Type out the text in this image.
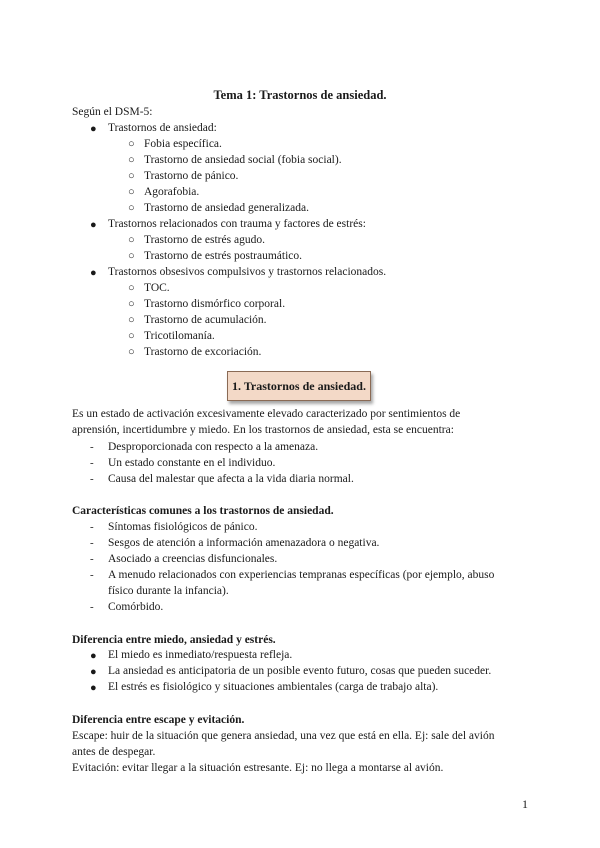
Tema 1: Trastornos de ansiedad.
Según el DSM-5:
● Trastornos de ansiedad:
○ Fobia específica.
○ Trastorno de ansiedad social (fobia social).
○ Trastorno de pánico.
○ Agorafobia.
○ Trastorno de ansiedad generalizada.
● Trastornos relacionados con trauma y factores de estrés:
○ Trastorno de estrés agudo.
○ Trastorno de estrés postraumático.
● Trastornos obsesivos compulsivos y trastornos relacionados.
○ TOC.
○ Trastorno dismórfico corporal.
○ Trastorno de acumulación.
○ Tricotilomanía.
○ Trastorno de excoriación.
1. Trastornos de ansiedad.
Es un estado de activación excesivamente elevado caracterizado por sentimientos de
aprensión, incertidumbre y miedo. En los trastornos de ansiedad, esta se encuentra:
- Desproporcionada con respecto a la amenaza.
- Un estado constante en el individuo.
- Causa del malestar que afecta a la vida diaria normal.
Características comunes a los trastornos de ansiedad.
- Síntomas fisiológicos de pánico.
- Sesgos de atención a información amenazadora o negativa.
- Asociado a creencias disfuncionales.
- A menudo relacionados con experiencias tempranas específicas (por ejemplo, abuso
físico durante la infancia).
- Comórbido.
Diferencia entre miedo, ansiedad y estrés.
● El miedo es inmediato/respuesta refleja.
● La ansiedad es anticipatoria de un posible evento futuro, cosas que pueden suceder.
● El estrés es fisiológico y situaciones ambientales (carga de trabajo alta).
Diferencia entre escape y evitación.
Escape: huir de la situación que genera ansiedad, una vez que está en ella. Ej: sale del avión
antes de despegar.
Evitación: evitar llegar a la situación estresante. Ej: no llega a montarse al avión.
1
